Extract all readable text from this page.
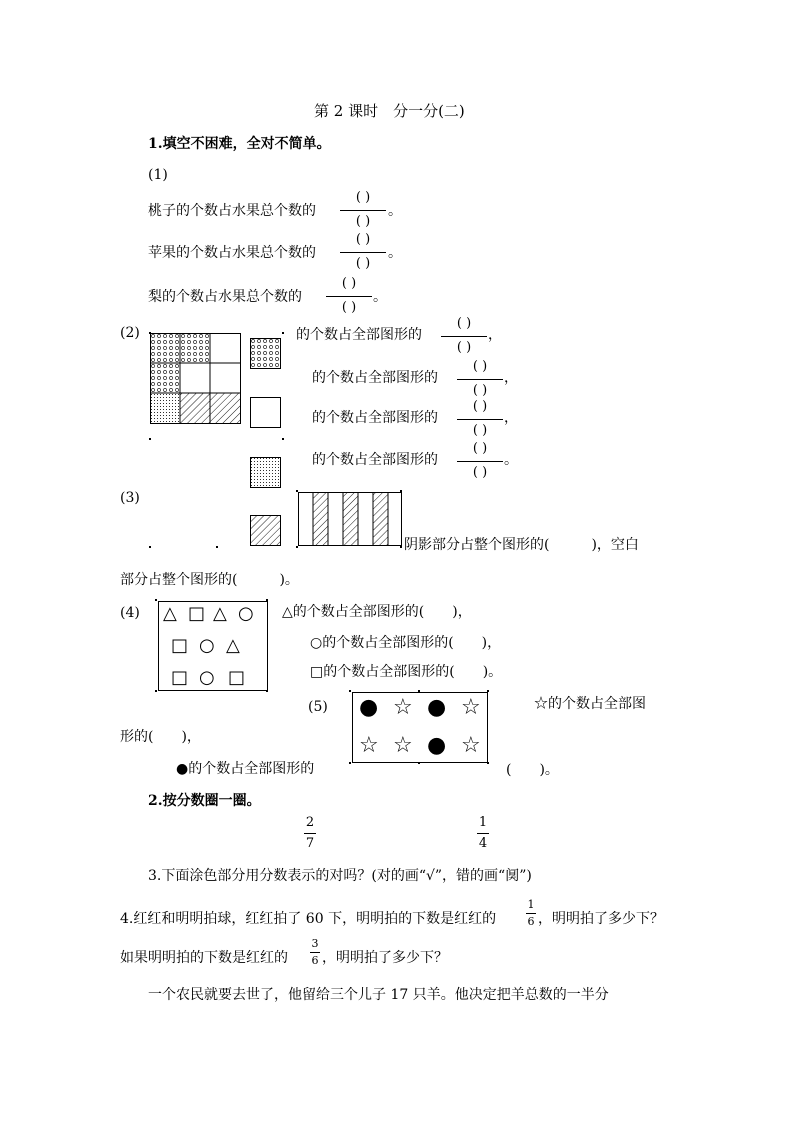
第 2 课时　分一分(二)
1.填空不困难，全对不简单。
(1)
桃子的个数占水果总个数的
( )
( )
。
苹果的个数占水果总个数的
( )
( )
。
梨的个数占水果总个数的
( )
( )
。
(2)	的个数占全部图形的
( )
( )
，
的个数占全部图形的
( )
( )
，
的个数占全部图形的
( )
( )
，
的个数占全部图形的
( )
( )
。
(3)
阴影部分占整个图形的(　　　)，空白
部分占整个图形的(　　　)。
(4) △ □ △ ○
□ ○ △
□ ○ □
△的个数占全部图形的(　　)，
○的个数占全部图形的(　　)，
□的个数占全部图形的(　　)。
(5) ● ☆ ● ☆
☆ ☆ ● ☆
☆的个数占全部图
形的(　　)，
●的个数占全部图形的	(　　)。
2.按分数圈一圈。
2
7
1
4
3.下面涂色部分用分数表示的对吗？(对的画“√”，错的画“阒”)
4.红红和明明拍球，红红拍了 60 下，明明拍的下数是红红的
1
6 ，明明拍了多少下？
如果明明拍的下数是红红的
3
6 ，明明拍了多少下？
一个农民就要去世了，他留给三个儿子 17 只羊。他决定把羊总数的一半分
